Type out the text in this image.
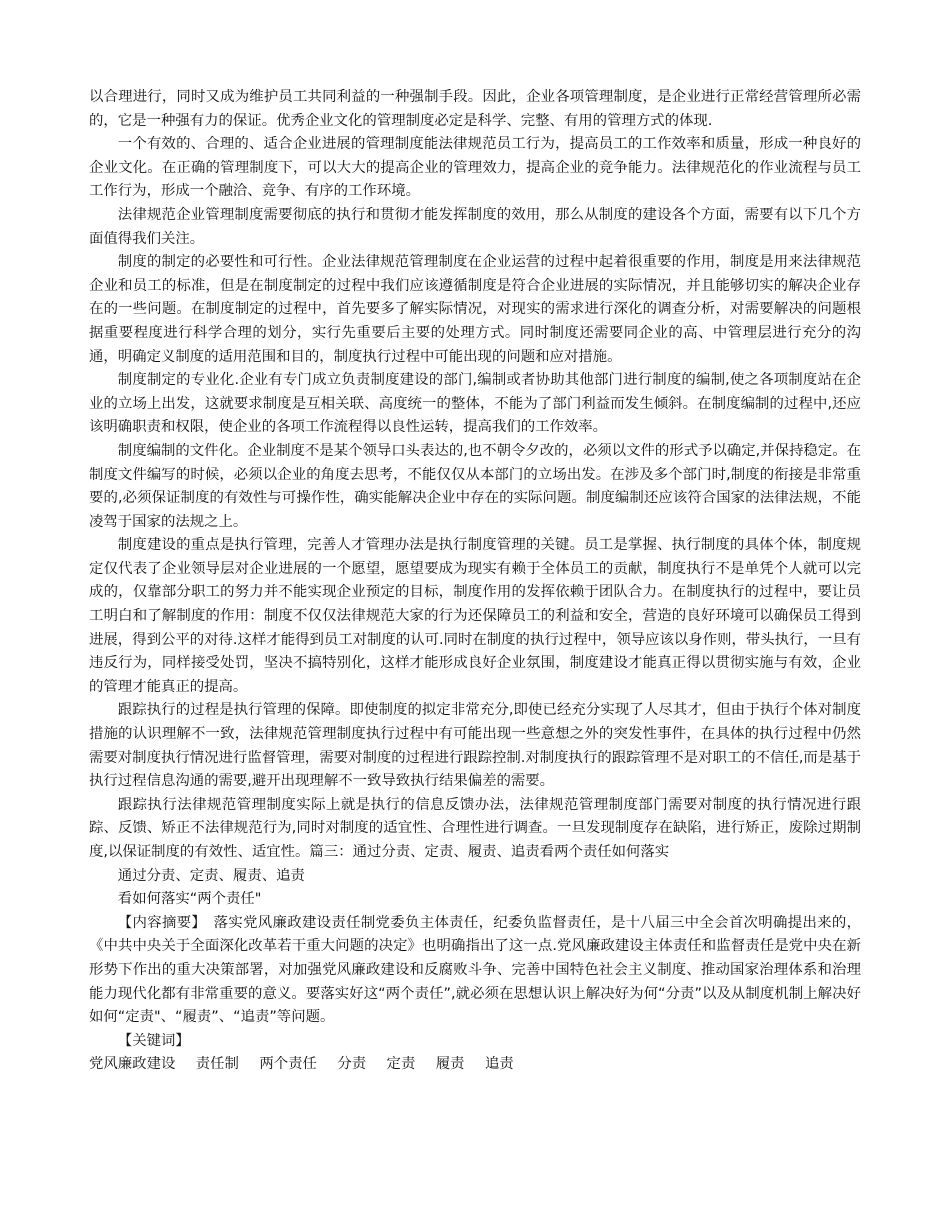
以合理进行，同时又成为维护员工共同利益的一种强制手段。因此，企业各项管理制度，是企业进行正常经营管理所必需的，它是一种强有力的保证。优秀企业文化的管理制度必定是科学、完整、有用的管理方式的体现.

一个有效的、合理的、适合企业进展的管理制度能法律规范员工行为，提高员工的工作效率和质量，形成一种良好的企业文化。在正确的管理制度下，可以大大的提高企业的管理效力，提高企业的竞争能力。法律规范化的作业流程与员工工作行为，形成一个融洽、竞争、有序的工作环境。

法律规范企业管理制度需要彻底的执行和贯彻才能发挥制度的效用，那么从制度的建设各个方面，需要有以下几个方面值得我们关注。

制度的制定的必要性和可行性。企业法律规范管理制度在企业运营的过程中起着很重要的作用，制度是用来法律规范企业和员工的标准，但是在制度制定的过程中我们应该遵循制度是符合企业进展的实际情况，并且能够切实的解决企业存在的一些问题。在制度制定的过程中，首先要多了解实际情况，对现实的需求进行深化的调查分析，对需要解决的问题根据重要程度进行科学合理的划分，实行先重要后主要的处理方式。同时制度还需要同企业的高、中管理层进行充分的沟通，明确定义制度的适用范围和目的，制度执行过程中可能出现的问题和应对措施。

制度制定的专业化.企业有专门成立负责制度建设的部门,编制或者协助其他部门进行制度的编制,使之各项制度站在企业的立场上出发，这就要求制度是互相关联、高度统一的整体，不能为了部门利益而发生倾斜。在制度编制的过程中,还应该明确职责和权限，使企业的各项工作流程得以良性运转，提高我们的工作效率。

制度编制的文件化。企业制度不是某个领导口头表达的,也不朝令夕改的，必须以文件的形式予以确定,并保持稳定。在制度文件编写的时候，必须以企业的角度去思考，不能仅仅从本部门的立场出发。在涉及多个部门时,制度的衔接是非常重要的,必须保证制度的有效性与可操作性，确实能解决企业中存在的实际问题。制度编制还应该符合国家的法律法规，不能凌驾于国家的法规之上。

制度建设的重点是执行管理，完善人才管理办法是执行制度管理的关键。员工是掌握、执行制度的具体个体，制度规定仅代表了企业领导层对企业进展的一个愿望，愿望要成为现实有赖于全体员工的贡献，制度执行不是单凭个人就可以完成的，仅靠部分职工的努力并不能实现企业预定的目标，制度作用的发挥依赖于团队合力。在制度执行的过程中，要让员工明白和了解制度的作用：制度不仅仅法律规范大家的行为还保障员工的利益和安全，营造的良好环境可以确保员工得到进展，得到公平的对待.这样才能得到员工对制度的认可.同时在制度的执行过程中，领导应该以身作则，带头执行，一旦有违反行为，同样接受处罚，坚决不搞特别化，这样才能形成良好企业氛围，制度建设才能真正得以贯彻实施与有效，企业的管理才能真正的提高。

跟踪执行的过程是执行管理的保障。即使制度的拟定非常充分,即使已经充分实现了人尽其才，但由于执行个体对制度措施的认识理解不一致，法律规范管理制度执行过程中有可能出现一些意想之外的突发性事件，在具体的执行过程中仍然需要对制度执行情况进行监督管理，需要对制度的过程进行跟踪控制.对制度执行的跟踪管理不是对职工的不信任,而是基于执行过程信息沟通的需要,避开出现理解不一致导致执行结果偏差的需要。

跟踪执行法律规范管理制度实际上就是执行的信息反馈办法，法律规范管理制度部门需要对制度的执行情况进行跟踪、反馈、矫正不法律规范行为,同时对制度的适宜性、合理性进行调查。一旦发现制度存在缺陷，进行矫正，废除过期制度,以保证制度的有效性、适宜性。篇三：通过分责、定责、履责、追责看两个责任如何落实

通过分责、定责、履责、追责

看如何落实“两个责任"

【内容摘要】　落实党风廉政建设责任制党委负主体责任，纪委负监督责任，是十八届三中全会首次明确提出来的，《中共中央关于全面深化改革若干重大问题的决定》也明确指出了这一点.党风廉政建设主体责任和监督责任是党中央在新形势下作出的重大决策部署，对加强党风廉政建设和反腐败斗争、完善中国特色社会主义制度、推动国家治理体系和治理能力现代化都有非常重要的意义。要落实好这“两个责任”,就必须在思想认识上解决好为何“分责”以及从制度机制上解决好如何“定责"、“履责”、“追责”等问题。

【关键词】

党风廉政建设 责任制 两个责任 分责 定责 履责 追责
